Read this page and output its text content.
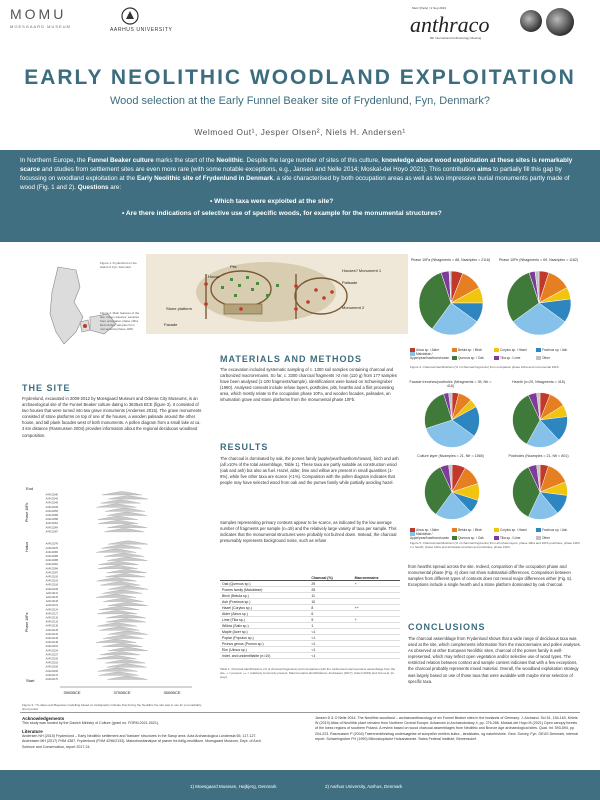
MOMU
MOESGAARD MUSEUM
AARHUS UNIVERSITY
Metz (Paris) / 2 Sep 2023
anthraco
8th International Anthracology Meeting
EARLY NEOLITHIC WOODLAND EXPLOITATION
Wood selection at the Early Funnel Beaker site of Frydenlund, Fyn, Denmark?
Welmoed Out¹, Jesper Olsen², Niels H. Andersen¹

In Northern Europe, the Funnel Beaker culture marks the start of the Neolithic. Despite the large number of sites of this culture, knowledge about wood exploitation at these sites is remarkably scarce and studies from settlement sites are even more rare (with some notable exceptions, e.g., Jansen and Nelle 2014; Moskal-del Hoyo 2021). This contribution aims to partially fill this gap by focussing on woodland exploitation at the Early Neolithic site of Frydenlund in Denmark, a site characterised by both occupation areas as well as two impressive burial monuments partly made of wood (Fig. 1 and 2). Questions are:

• Which taxa were exploited at the site?
• Are there indications of selective use of specific woods, for example for the monumental structures?
Figure 1. Frydenlund on the island of Fyn, Denmark.
Figure 2. Main features of the site. Green squares: samples from occupation phase 10Fa. Red circles: samples from monumental phase 10Fb.
Pits
House
Palisade
Stone platform
Facade
Houses? Monument 1
Monument 2
THE SITE
Frydenlund, excavated in 2009-2012 by Moesgaard Museum and Odense City Museums, is an archaeological site of the Funnel Beaker culture dating to 3635±5 BCE (figure 3). It consisted of two houses that were turned into two grave monuments (Andersen 2015). The grave monuments consisted of stone platforms on top of one of the houses, a wooden palisade around the other house, and tall plank facades west of both monuments. A pollen diagram from a small lake at ca. 3 km distance (Rasmussen 2004) provides information about the regional deciduous woodland composition.
AAR-22040
AAR-22043
AAR-22046
AAR-22049
AAR-22052
AAR-22055
AAR-22058
AAR-22061
AAR-22064
AAR-22067
AAR-22076
AAR-22079
AAR-22082
AAR-22085
AAR-22088
AAR-22091
AAR-22094
AAR-22097
AAR-22100
AAR-22103
AAR-22106
AAR-22109
AAR-22112
AAR-22115
AAR-22118
AAR-22121
AAR-22124
AAR-22127
AAR-22130
AAR-22133
AAR-22136
AAR-22139
AAR-22142
AAR-22145
AAR-22148
AAR-22151
AAR-22154
AAR-22157
AAR-22160
AAR-22163
AAR-22166
AAR-22169
AAR-22172
AAR-22175
End
Start
Phase 10Fb
Hiatus
Phase 10Fa
3900BCE	3700BCE	3500BCE
Figure 3. ¹⁴C-dates and Bayesian modelling based on stratigraphy indicate that during the Neolithic the site was in use for a remarkably short period.
MATERIALS AND METHODS
The excavation included systematic sampling of c. 1300 soil samples containing charcoal and carbonized macroremains. So far, c. 3300 charcoal fragments >2 mm (110 g) from 177 samples have been analysed (1-100 fragments/sample). Identifications were based on Schweingruber (1990). Analysed contexts include refuse layers, postholes, pits, hearths and a flint processing area, which mostly relate to the occupation phase 10Fa, and wooden facades, palisades, an inhumation grave and stone platforms from the monumental phase 10Fb.
RESULTS
The charcoal is dominated by oak, the pomes family (apple/pear/hawthorn/rowan), birch and ash (all ≥10% of the total assemblage, Table 1). These taxa are partly suitable as construction wood (oak and ash) but also as fuel. Hazel, alder, lime and willow are present in small quantities (1-9%), while five other taxa are scarce (<1%). Comparison with the pollen diagram indicates that people may have selected wood from oak and the pomes family while partially avoiding hazel.
Samples representing primary contexts appear to be scarce, as indicated by the low average number of fragments per sample (n=19) and the relatively large variety of taxa per sample. This indicates that the monumental structures were probably not burned down. Instead, the charcoal presumably represents background noise, such as refuse
	Charcoal (%)	Macroremains
Oak (Quercus sp.)	29	+
Pomes family (Maloideae)	25	
Birch (Betula sp.)	11	
Ash (Fraxinus sp.)	10	
Hazel (Corylus sp.)	8	++
Alder (Alnus sp.)	6	
Lime (Tilia sp.)	5	+
Willow (Salix sp.)	1	
Maple (Acer sp.)	<1	
Poplar (Populus sp.)	<1	
Prunus genus (Prunus sp.)	<1	
Elm (Ulmus sp.)	<1	
Indet. and unidentifiable (n=10)	<1	
Table 1. Charcoal identifications (% of charcoal fragments) and comparison with the carbonised macroremains assemblage from the site. + = present, ++ = relatively commonly present. Macroremains identifications: Andreasen (2017), Ankel (2019) and Out et al. (in prep).
Phase 10Fa (Nfragments = 88, Nsamples = 2116)	Phase 10Fb (Nfragments = 69, Nsamples = 1182)
Alnus sp. / Alder	Betula sp. / Birch	Corylus sp. / Hazel	Fraxinus sp. / AshMaloideae / Apple/pear/hawthorn/rowan	Quercus sp. / Oak	Tilia sp. / Lime	Other
Figure 4. Charcoal identifications (% of charcoal fragments) from occupation phase 10Fa and monumental 10Fb.
Facade trenches/postholes (Nfragments = 39, Nfr = 416)
Hearth (n=29, Nfragments = 416)
Culture layer (Nsamples = 21, Nfr = 1565)	Postholes (Nsamples = 21, Nfr = 801)
Alnus sp. / Alder	Betula sp. / Birch	Corylus sp. / Hazel	Fraxinus sp. / AshMaloideae / Apple/pear/hawthorn/rowan	Quercus sp. / Oak	Tilia sp. / Lime	Other
Figure 5. Charcoal identifications (% of charcoal fragments) from all refuse layers, phase 10Fa and 10Fb postholes, phase 10Fb, c.o hearth, phase 10Fa and all facade trenches and postholes, phase 10Fb.
from hearths spread across the site. Indeed, comparison of the occupation phase and monumental phase (Fig. 4) does not show substantial differences. Comparison between samples from different types of contexts does not reveal major differences either (Fig. 5). Exceptions include a single hearth and a stone platform dominated by oak charcoal.
CONCLUSIONS
The charcoal assemblage from Frydenlund shows that a wide range of deciduous taxa was used at the site, which complements information from the macroremains and pollen analyses. As observed at other European Neolithic sites, charcoal of the pomes family is well-represented, which may reflect open vegetation and/or selective use of wood types. The restricted relation between context and sample content indicates that with a few exceptions, the charcoal probably represents mixed material. Overall, the woodland exploitation strategy was largely based on use of those taxa that were available with maybe minor selection of specific taxa.
Acknowledgements
This study was funded by the Danish Ministry of Culture (grant no. FORM.2021-0021).
Literature
Andersen NH (2015) Frydenlund – Early Neolithic settlement and 'barkaer' structures in the Sarup area. Acta Archaeologica Lundensia 65, 117-127. Andreasen MH (2017) FHM 4387. Frydenlund (FHM 4296/2133). Makrofossilanalyse af prøver fra tidlig-neolitikum. Moesgaard Museum, Dept. of Arch. Science and Conservation, report 2017-24.
Jansen D & O Nelle 2014. The Neolithic woodland – archaeoanthracology of six Funnel Beaker sites in the lowlands of Germany. J. Archaeol. Sci 51, 154-163. Kirleis W (2019) Atlas of Neolithic plant remains from Northern Central Europe. Advances in Archaeobotany 4, pp. 276-286. Moskal-del Hoyo M (2021) Open canopy forests of the loess regions of southern Poland. A review based on wood charcoal assemblages from Neolithic and Bronze Age archaeological sites. Quat. Int. 593-594, pp. 204-223. Rasmussen P (2004) Trærenedebrøhag undersøgelse af sumpeller mellem kultur-, landskabs- og naturhistorie. Geol. Survey, Fyn. GEUS Denmark, internal report. Schweingruber FH (1990) Mikroskopische Holzanatomie. Swiss Federal Institute, Birmensdorf.
1) Moesgaard Museum, Højbjerg, Denmark	2) Aarhus University, Aarhus, Denmark
